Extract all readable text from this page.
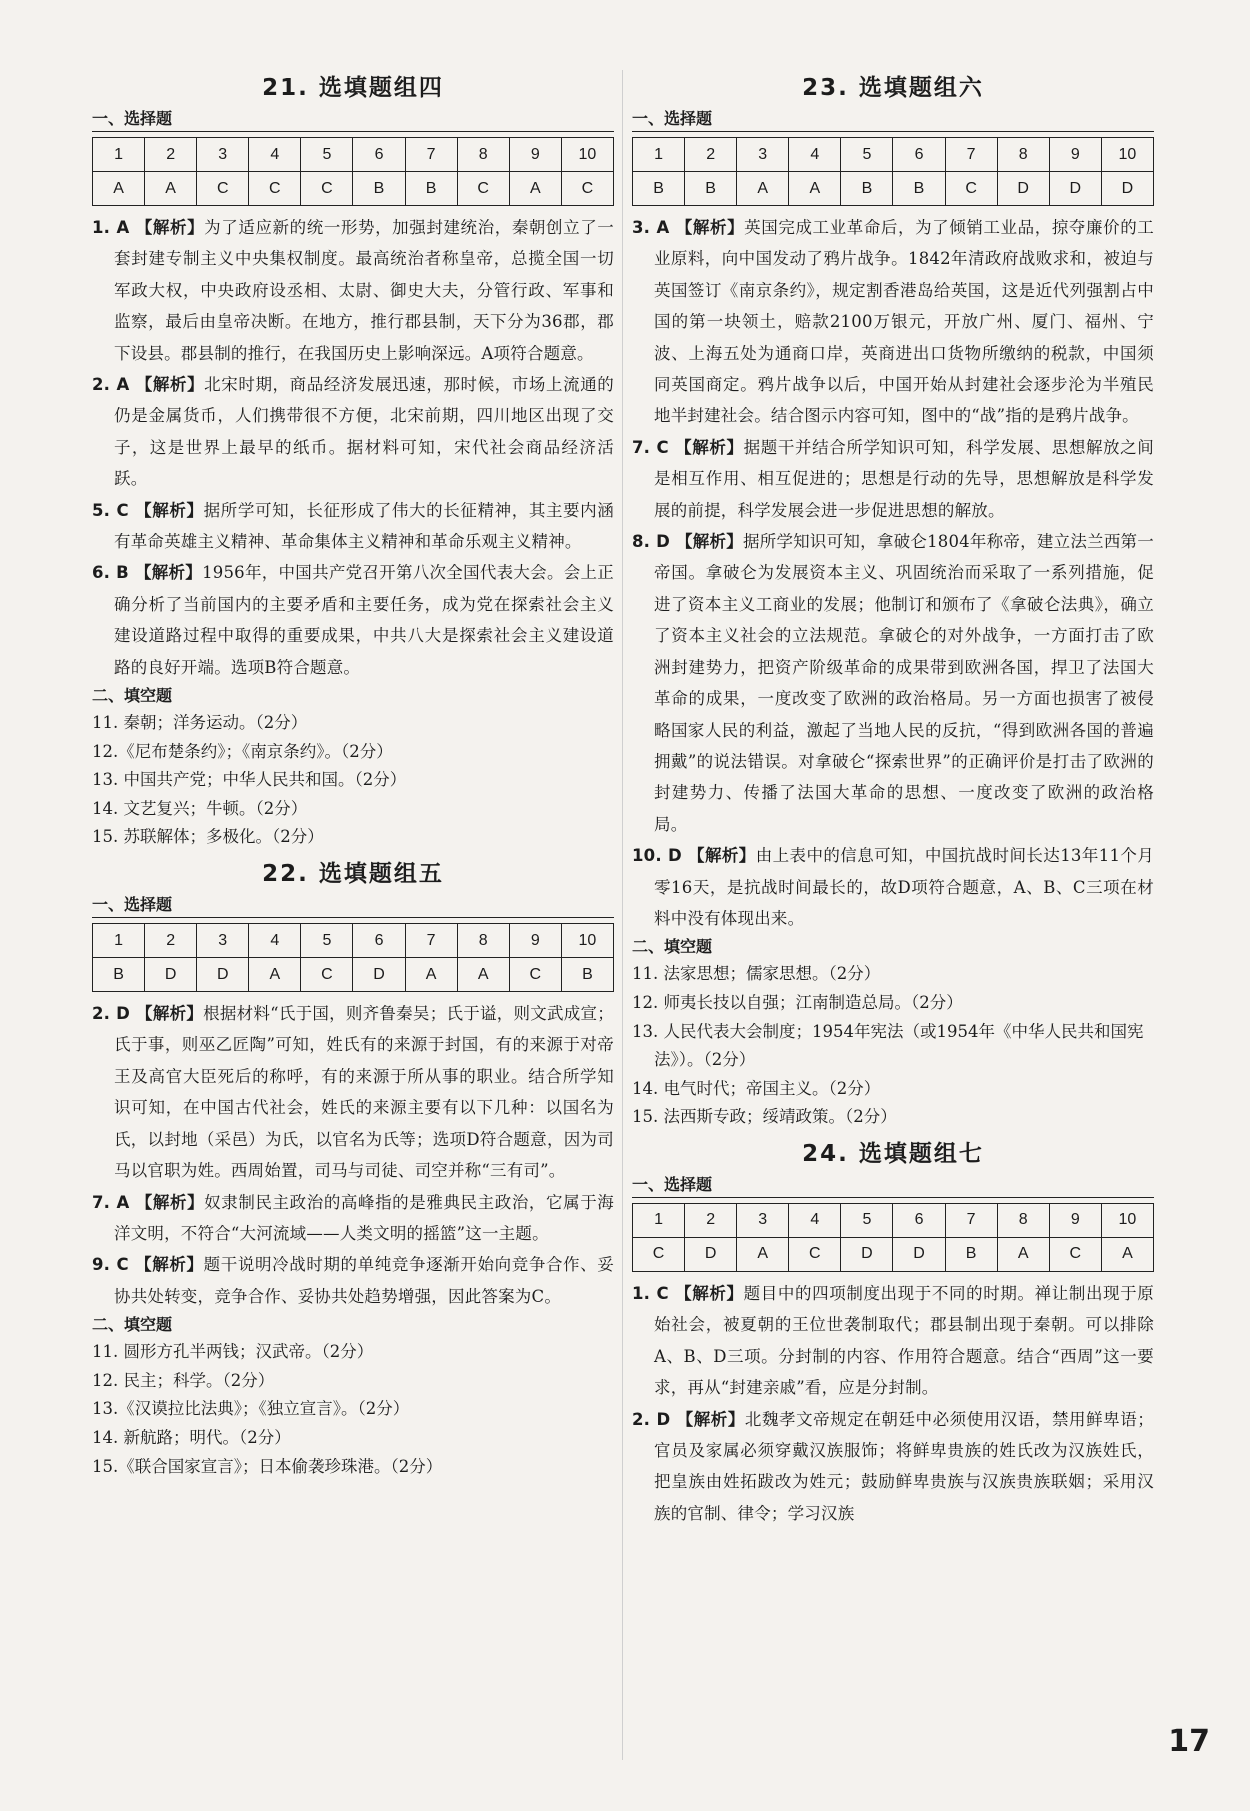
21. 选填题组四
一、选择题
1	2	3	4	5	6	7	8	9	10
A	A	C	C	C	B	B	C	A	C

1. A 【解析】为了适应新的统一形势，加强封建统治，秦朝创立了一套封建专制主义中央集权制度。最高统治者称皇帝，总揽全国一切军政大权，中央政府设丞相、太尉、御史大夫，分管行政、军事和监察，最后由皇帝决断。在地方，推行郡县制，天下分为36郡，郡下设县。郡县制的推行，在我国历史上影响深远。A项符合题意。

2. A 【解析】北宋时期，商品经济发展迅速，那时候，市场上流通的仍是金属货币，人们携带很不方便，北宋前期，四川地区出现了交子，这是世界上最早的纸币。据材料可知，宋代社会商品经济活跃。

5. C 【解析】据所学可知，长征形成了伟大的长征精神，其主要内涵有革命英雄主义精神、革命集体主义精神和革命乐观主义精神。

6. B 【解析】1956年，中国共产党召开第八次全国代表大会。会上正确分析了当前国内的主要矛盾和主要任务，成为党在探索社会主义建设道路过程中取得的重要成果，中共八大是探索社会主义建设道路的良好开端。选项B符合题意。

二、填空题

11. 秦朝；洋务运动。（2分）

12.《尼布楚条约》；《南京条约》。（2分）

13. 中国共产党；中华人民共和国。（2分）

14. 文艺复兴；牛顿。（2分）

15. 苏联解体；多极化。（2分）

22. 选填题组五
一、选择题
1	2	3	4	5	6	7	8	9	10
B	D	D	A	C	D	A	A	C	B

2. D 【解析】根据材料“氏于国，则齐鲁秦吴；氏于谥，则文武成宣；氏于事，则巫乙匠陶”可知，姓氏有的来源于封国，有的来源于对帝王及高官大臣死后的称呼，有的来源于所从事的职业。结合所学知识可知，在中国古代社会，姓氏的来源主要有以下几种：以国名为氏，以封地（采邑）为氏，以官名为氏等；选项D符合题意，因为司马以官职为姓。西周始置，司马与司徒、司空并称“三有司”。

7. A 【解析】奴隶制民主政治的高峰指的是雅典民主政治，它属于海洋文明，不符合“大河流域——人类文明的摇篮”这一主题。

9. C 【解析】题干说明冷战时期的单纯竞争逐渐开始向竞争合作、妥协共处转变，竞争合作、妥协共处趋势增强，因此答案为C。

二、填空题

11. 圆形方孔半两钱；汉武帝。（2分）

12. 民主；科学。（2分）

13.《汉谟拉比法典》；《独立宣言》。（2分）

14. 新航路；明代。（2分）

15.《联合国家宣言》；日本偷袭珍珠港。（2分）

23. 选填题组六
一、选择题
1	2	3	4	5	6	7	8	9	10
B	B	A	A	B	B	C	D	D	D

3. A 【解析】英国完成工业革命后，为了倾销工业品，掠夺廉价的工业原料，向中国发动了鸦片战争。1842年清政府战败求和，被迫与英国签订《南京条约》，规定割香港岛给英国，这是近代列强割占中国的第一块领土，赔款2100万银元，开放广州、厦门、福州、宁波、上海五处为通商口岸，英商进出口货物所缴纳的税款，中国须同英国商定。鸦片战争以后，中国开始从封建社会逐步沦为半殖民地半封建社会。结合图示内容可知，图中的“战”指的是鸦片战争。

7. C 【解析】据题干并结合所学知识可知，科学发展、思想解放之间是相互作用、相互促进的；思想是行动的先导，思想解放是科学发展的前提，科学发展会进一步促进思想的解放。

8. D 【解析】据所学知识可知，拿破仑1804年称帝，建立法兰西第一帝国。拿破仑为发展资本主义、巩固统治而采取了一系列措施，促进了资本主义工商业的发展；他制订和颁布了《拿破仑法典》，确立了资本主义社会的立法规范。拿破仑的对外战争，一方面打击了欧洲封建势力，把资产阶级革命的成果带到欧洲各国，捍卫了法国大革命的成果，一度改变了欧洲的政治格局。另一方面也损害了被侵略国家人民的利益，激起了当地人民的反抗，“得到欧洲各国的普遍拥戴”的说法错误。对拿破仑“探索世界”的正确评价是打击了欧洲的封建势力、传播了法国大革命的思想、一度改变了欧洲的政治格局。

10. D 【解析】由上表中的信息可知，中国抗战时间长达13年11个月零16天，是抗战时间最长的，故D项符合题意，A、B、C三项在材料中没有体现出来。

二、填空题

11. 法家思想；儒家思想。（2分）

12. 师夷长技以自强；江南制造总局。（2分）

13. 人民代表大会制度；1954年宪法（或1954年《中华人民共和国宪法》）。（2分）

14. 电气时代；帝国主义。（2分）

15. 法西斯专政；绥靖政策。（2分）

24. 选填题组七
一、选择题
1	2	3	4	5	6	7	8	9	10
C	D	A	C	D	D	B	A	C	A

1. C 【解析】题目中的四项制度出现于不同的时期。禅让制出现于原始社会，被夏朝的王位世袭制取代；郡县制出现于秦朝。可以排除A、B、D三项。分封制的内容、作用符合题意。结合“西周”这一要求，再从“封建亲戚”看，应是分封制。

2. D 【解析】北魏孝文帝规定在朝廷中必须使用汉语，禁用鲜卑语；官员及家属必须穿戴汉族服饰；将鲜卑贵族的姓氏改为汉族姓氏，把皇族由姓拓跋改为姓元；鼓励鲜卑贵族与汉族贵族联姻；采用汉族的官制、律令；学习汉族

17
